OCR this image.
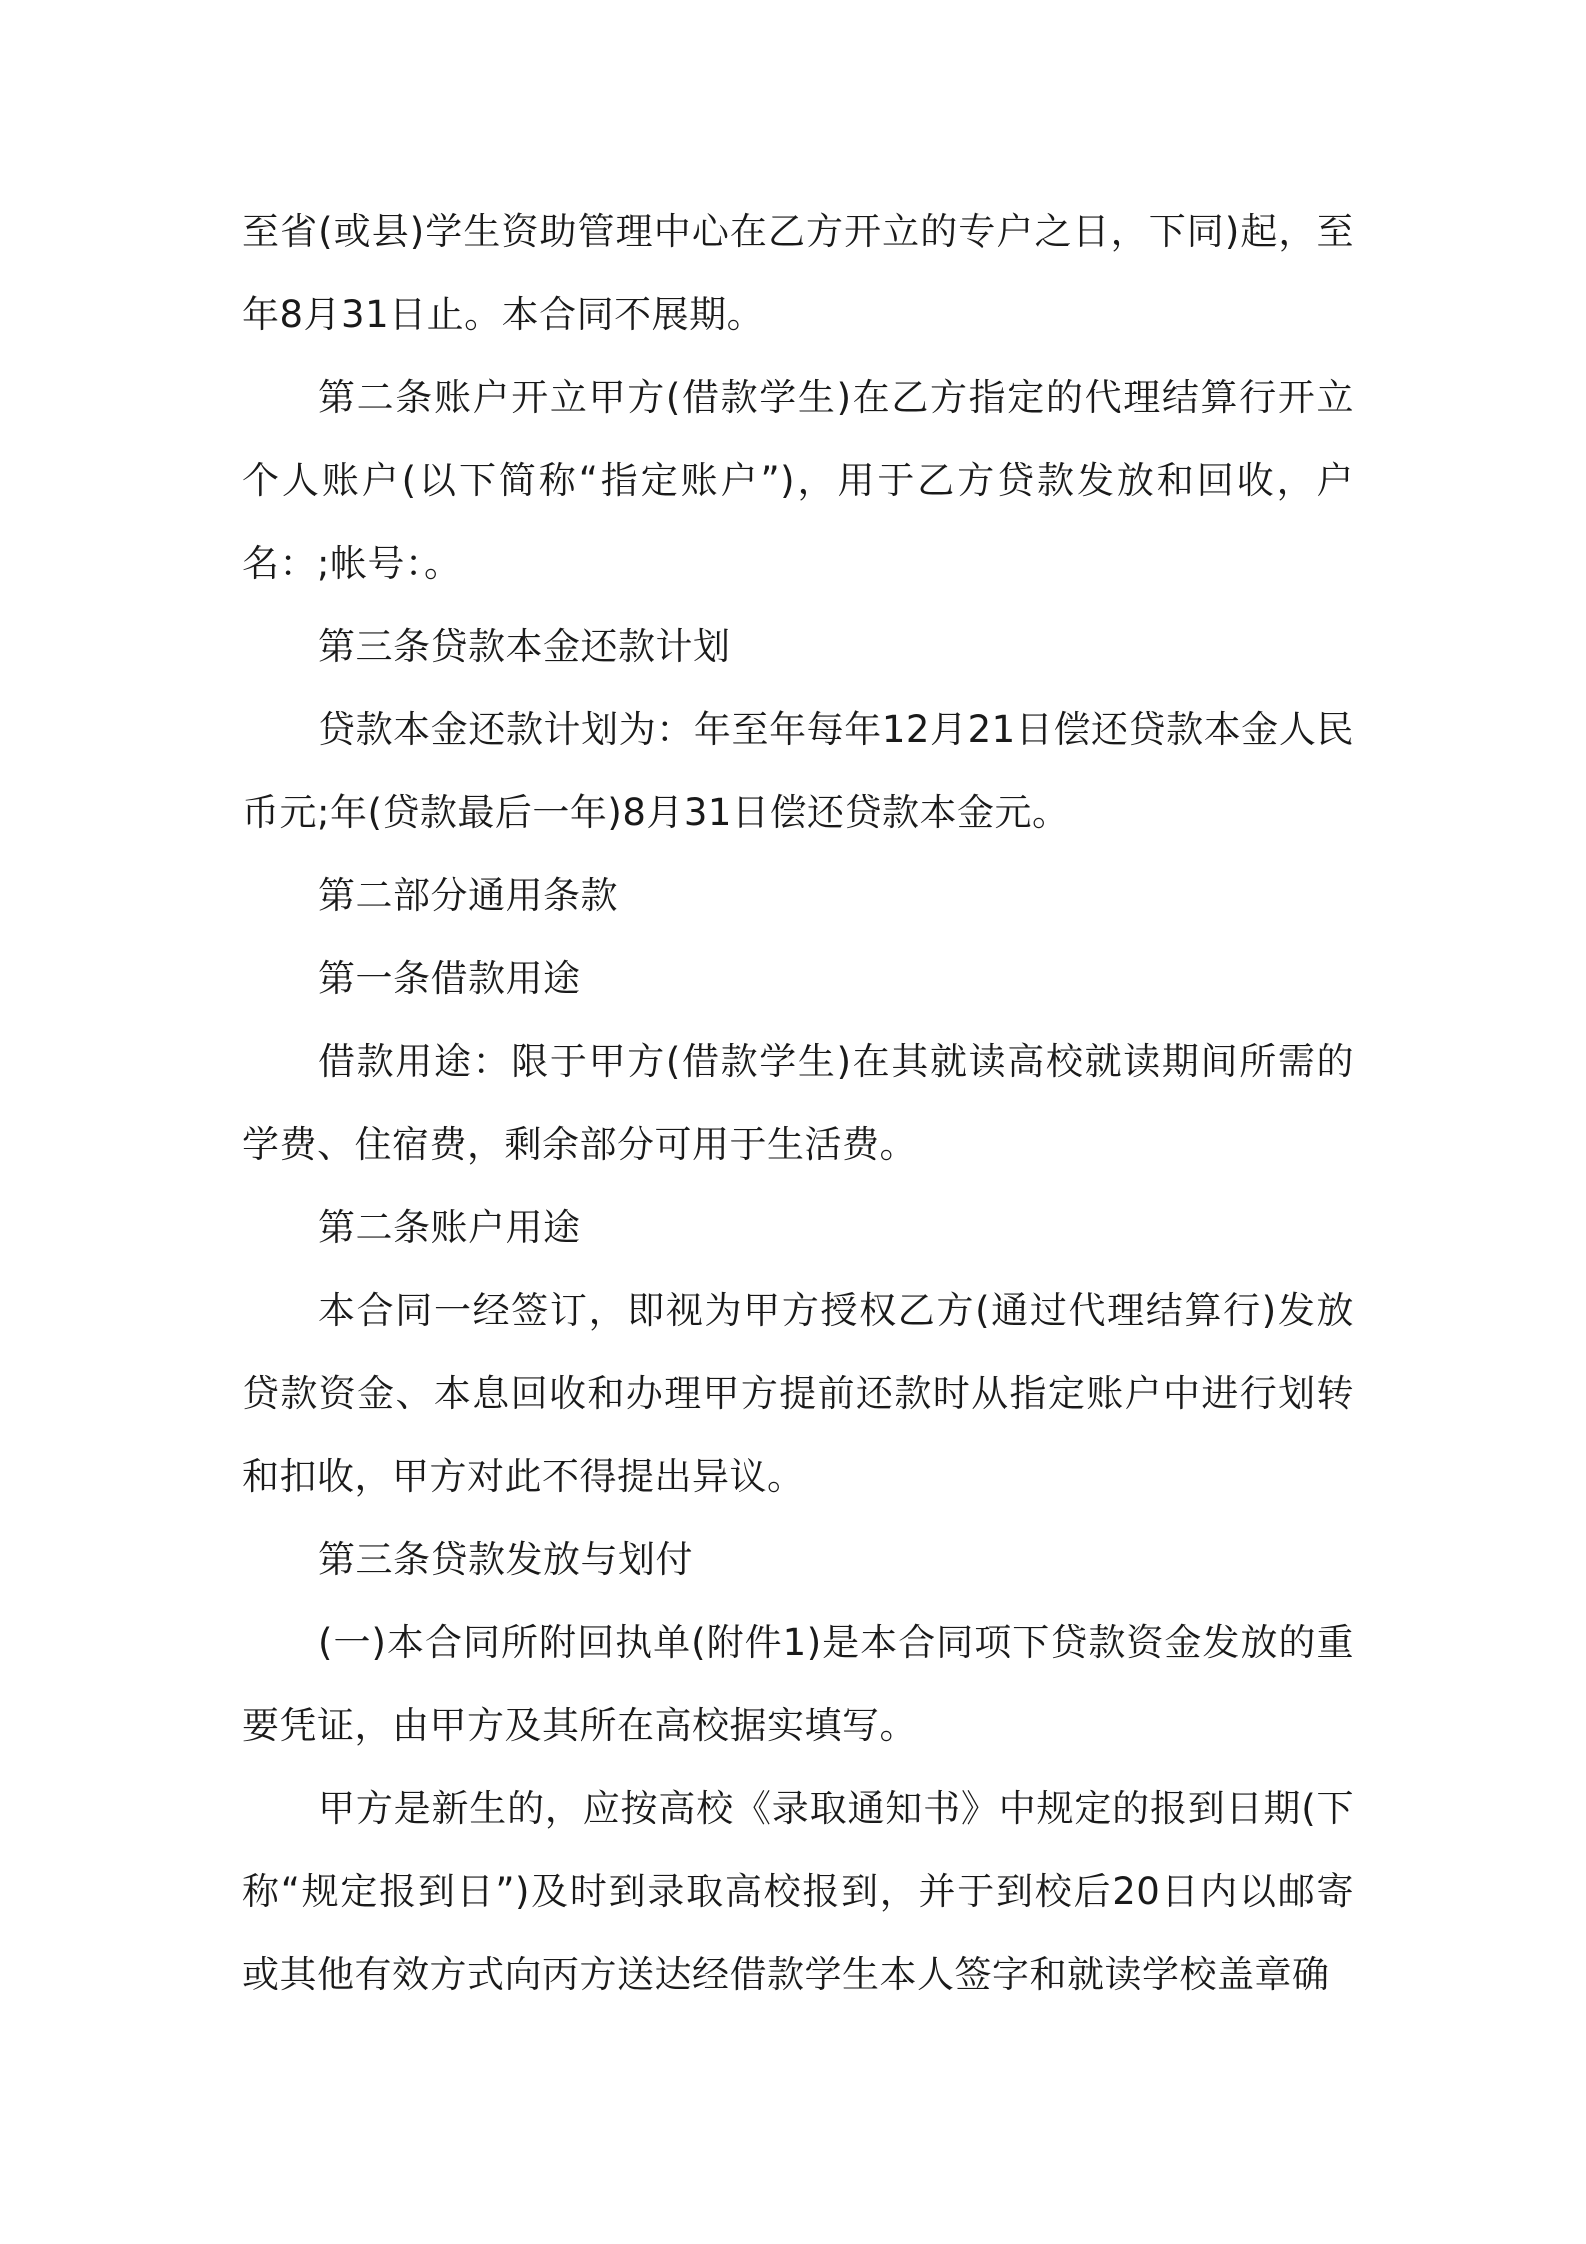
至省(或县)学生资助管理中心在乙方开立的专户之日，下同)起，至年8月31日止。本合同不展期。

第二条账户开立甲方(借款学生)在乙方指定的代理结算行开立个人账户(以下简称“指定账户”)，用于乙方贷款发放和回收，户名：;帐号：。

第三条贷款本金还款计划

贷款本金还款计划为：年至年每年12月21日偿还贷款本金人民币元;年(贷款最后一年)8月31日偿还贷款本金元。

第二部分通用条款

第一条借款用途

借款用途：限于甲方(借款学生)在其就读高校就读期间所需的学费、住宿费，剩余部分可用于生活费。

第二条账户用途

本合同一经签订，即视为甲方授权乙方(通过代理结算行)发放贷款资金、本息回收和办理甲方提前还款时从指定账户中进行划转和扣收，甲方对此不得提出异议。

第三条贷款发放与划付

(一)本合同所附回执单(附件1)是本合同项下贷款资金发放的重要凭证，由甲方及其所在高校据实填写。

甲方是新生的，应按高校《录取通知书》中规定的报到日期(下称“规定报到日”)及时到录取高校报到，并于到校后20日内以邮寄或其他有效方式向丙方送达经借款学生本人签字和就读学校盖章确
